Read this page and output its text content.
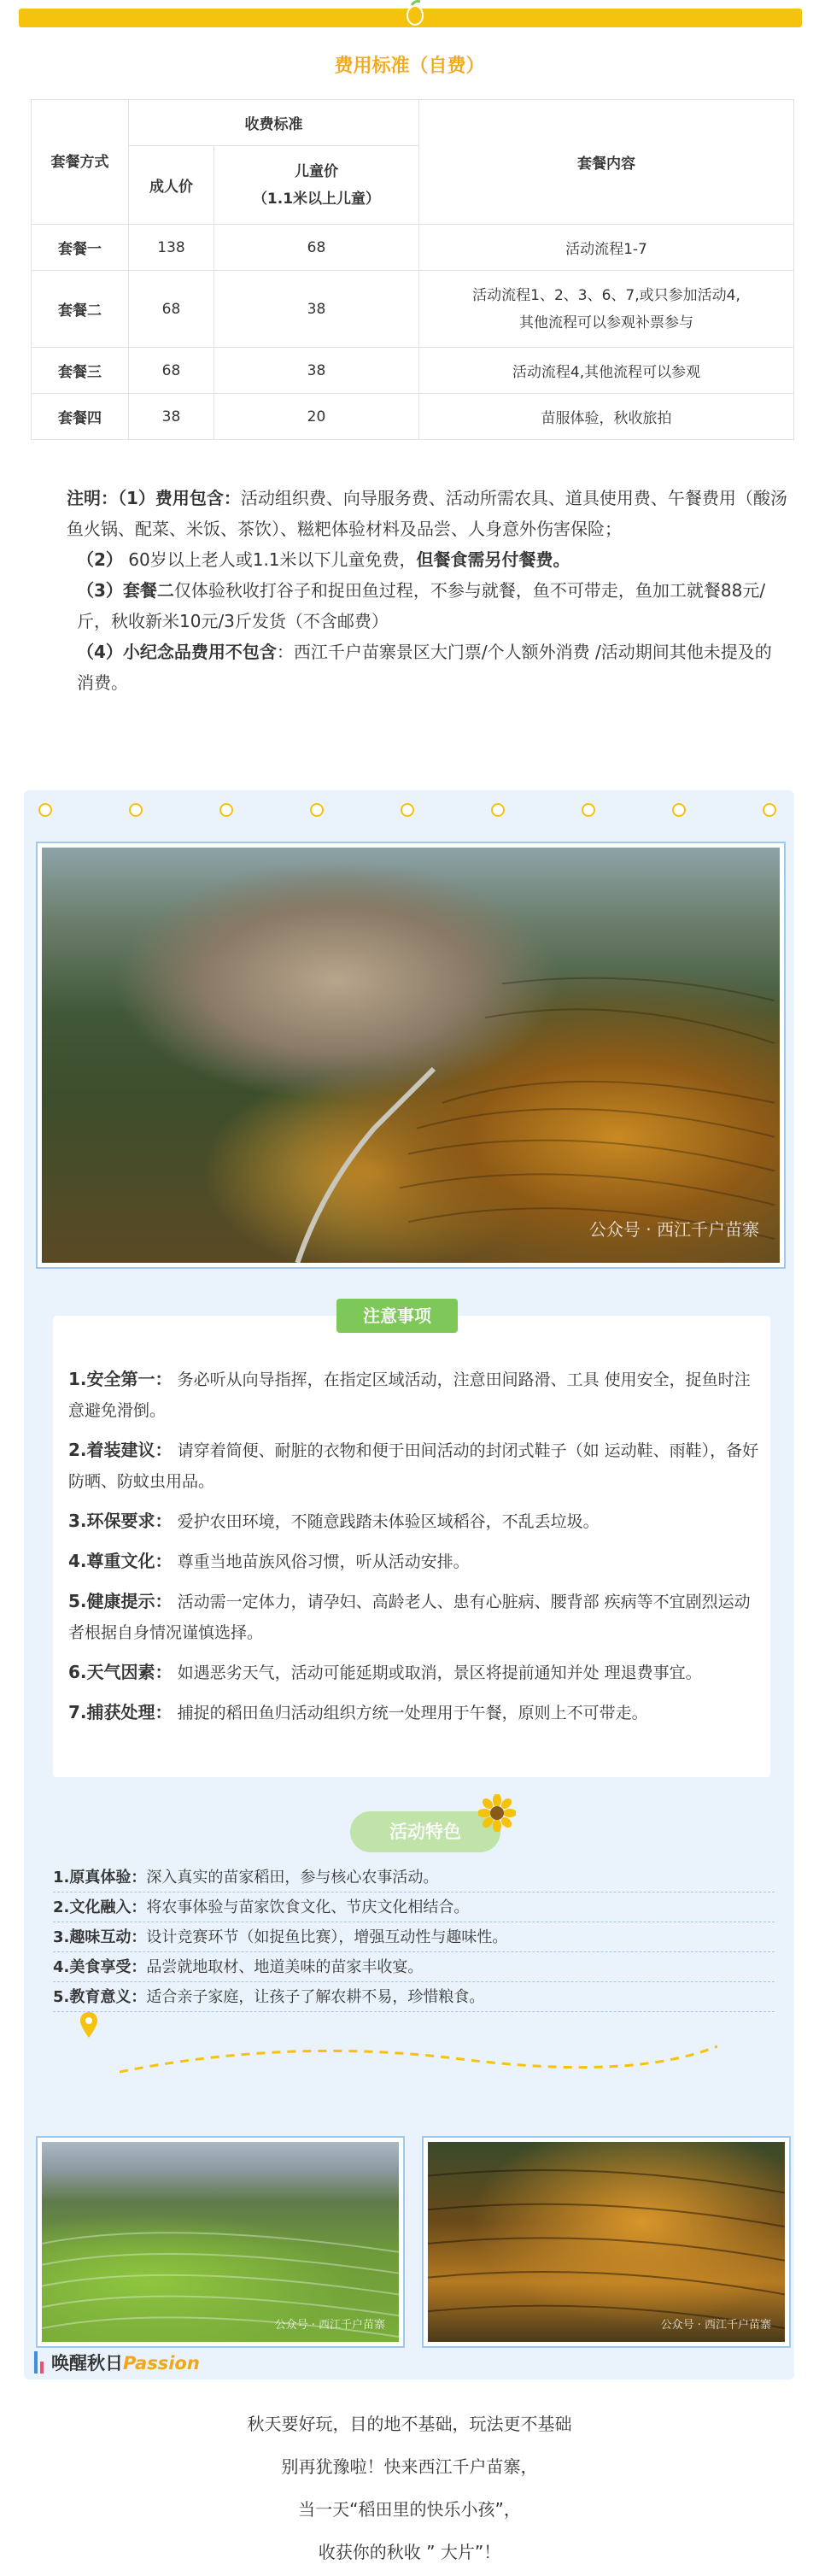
费用标准（自费）
套餐方式	收费标准		套餐内容
	成人价	儿童价
（1.1米以上儿童）	

套餐一	138	68	活动流程1-7
套餐二	68	38	活动流程1、2、3、6、7,或只参加活动4,
其他流程可以参观补票参与

套餐三	68	38	活动流程4,其他流程可以参观
套餐四	38	20	苗服体验，秋收旅拍

注明：（1）费用包含：活动组织费、向导服务费、活动所需农具、道具使用费、午餐费用（酸汤鱼火锅、配菜、米饭、茶饮）、糍粑体验材料及品尝、人身意外伤害保险；

（2） 60岁以上老人或1.1米以下儿童免费，但餐食需另付餐费。

（3）套餐二仅体验秋收打谷子和捉田鱼过程，不参与就餐，鱼不可带走，鱼加工就餐88元/斤，秋收新米10元/3斤发货（不含邮费）

（4）小纪念品费用不包含：西江千户苗寨景区大门票/个人额外消费 /活动期间其他未提及的消费。

公众号 · 西江千户苗寨
注意事项
1.安全第一： 务必听从向导指挥，在指定区域活动，注意田间路滑、工具 使用安全，捉鱼时注意避免滑倒。
2.着装建议： 请穿着简便、耐脏的衣物和便于田间活动的封闭式鞋子（如 运动鞋、雨鞋），备好防晒、防蚊虫用品。
3.环保要求： 爱护农田环境，不随意践踏未体验区域稻谷，不乱丢垃圾。
4.尊重文化： 尊重当地苗族风俗习惯，听从活动安排。
5.健康提示： 活动需一定体力，请孕妇、高龄老人、患有心脏病、腰背部 疾病等不宜剧烈运动者根据自身情况谨慎选择。
6.天气因素： 如遇恶劣天气，活动可能延期或取消，景区将提前通知并处 理退费事宜。
7.捕获处理： 捕捉的稻田鱼归活动组织方统一处理用于午餐，原则上不可带走。
活动特色
1.原真体验：深入真实的苗家稻田，参与核心农事活动。
2.文化融入：将农事体验与苗家饮食文化、节庆文化相结合。
3.趣味互动：设计竞赛环节（如捉鱼比赛），增强互动性与趣味性。
4.美食享受：品尝就地取材、地道美味的苗家丰收宴。
5.教育意义：适合亲子家庭，让孩子了解农耕不易，珍惜粮食。
公众号 · 西江千户苗寨	公众号 · 西江千户苗寨
唤醒秋日Passion
秋天要好玩，目的地不基础，玩法更不基础
别再犹豫啦！快来西江千户苗寨，
当一天“稻田里的快乐小孩”，
收获你的秋收 ” 大片”！
